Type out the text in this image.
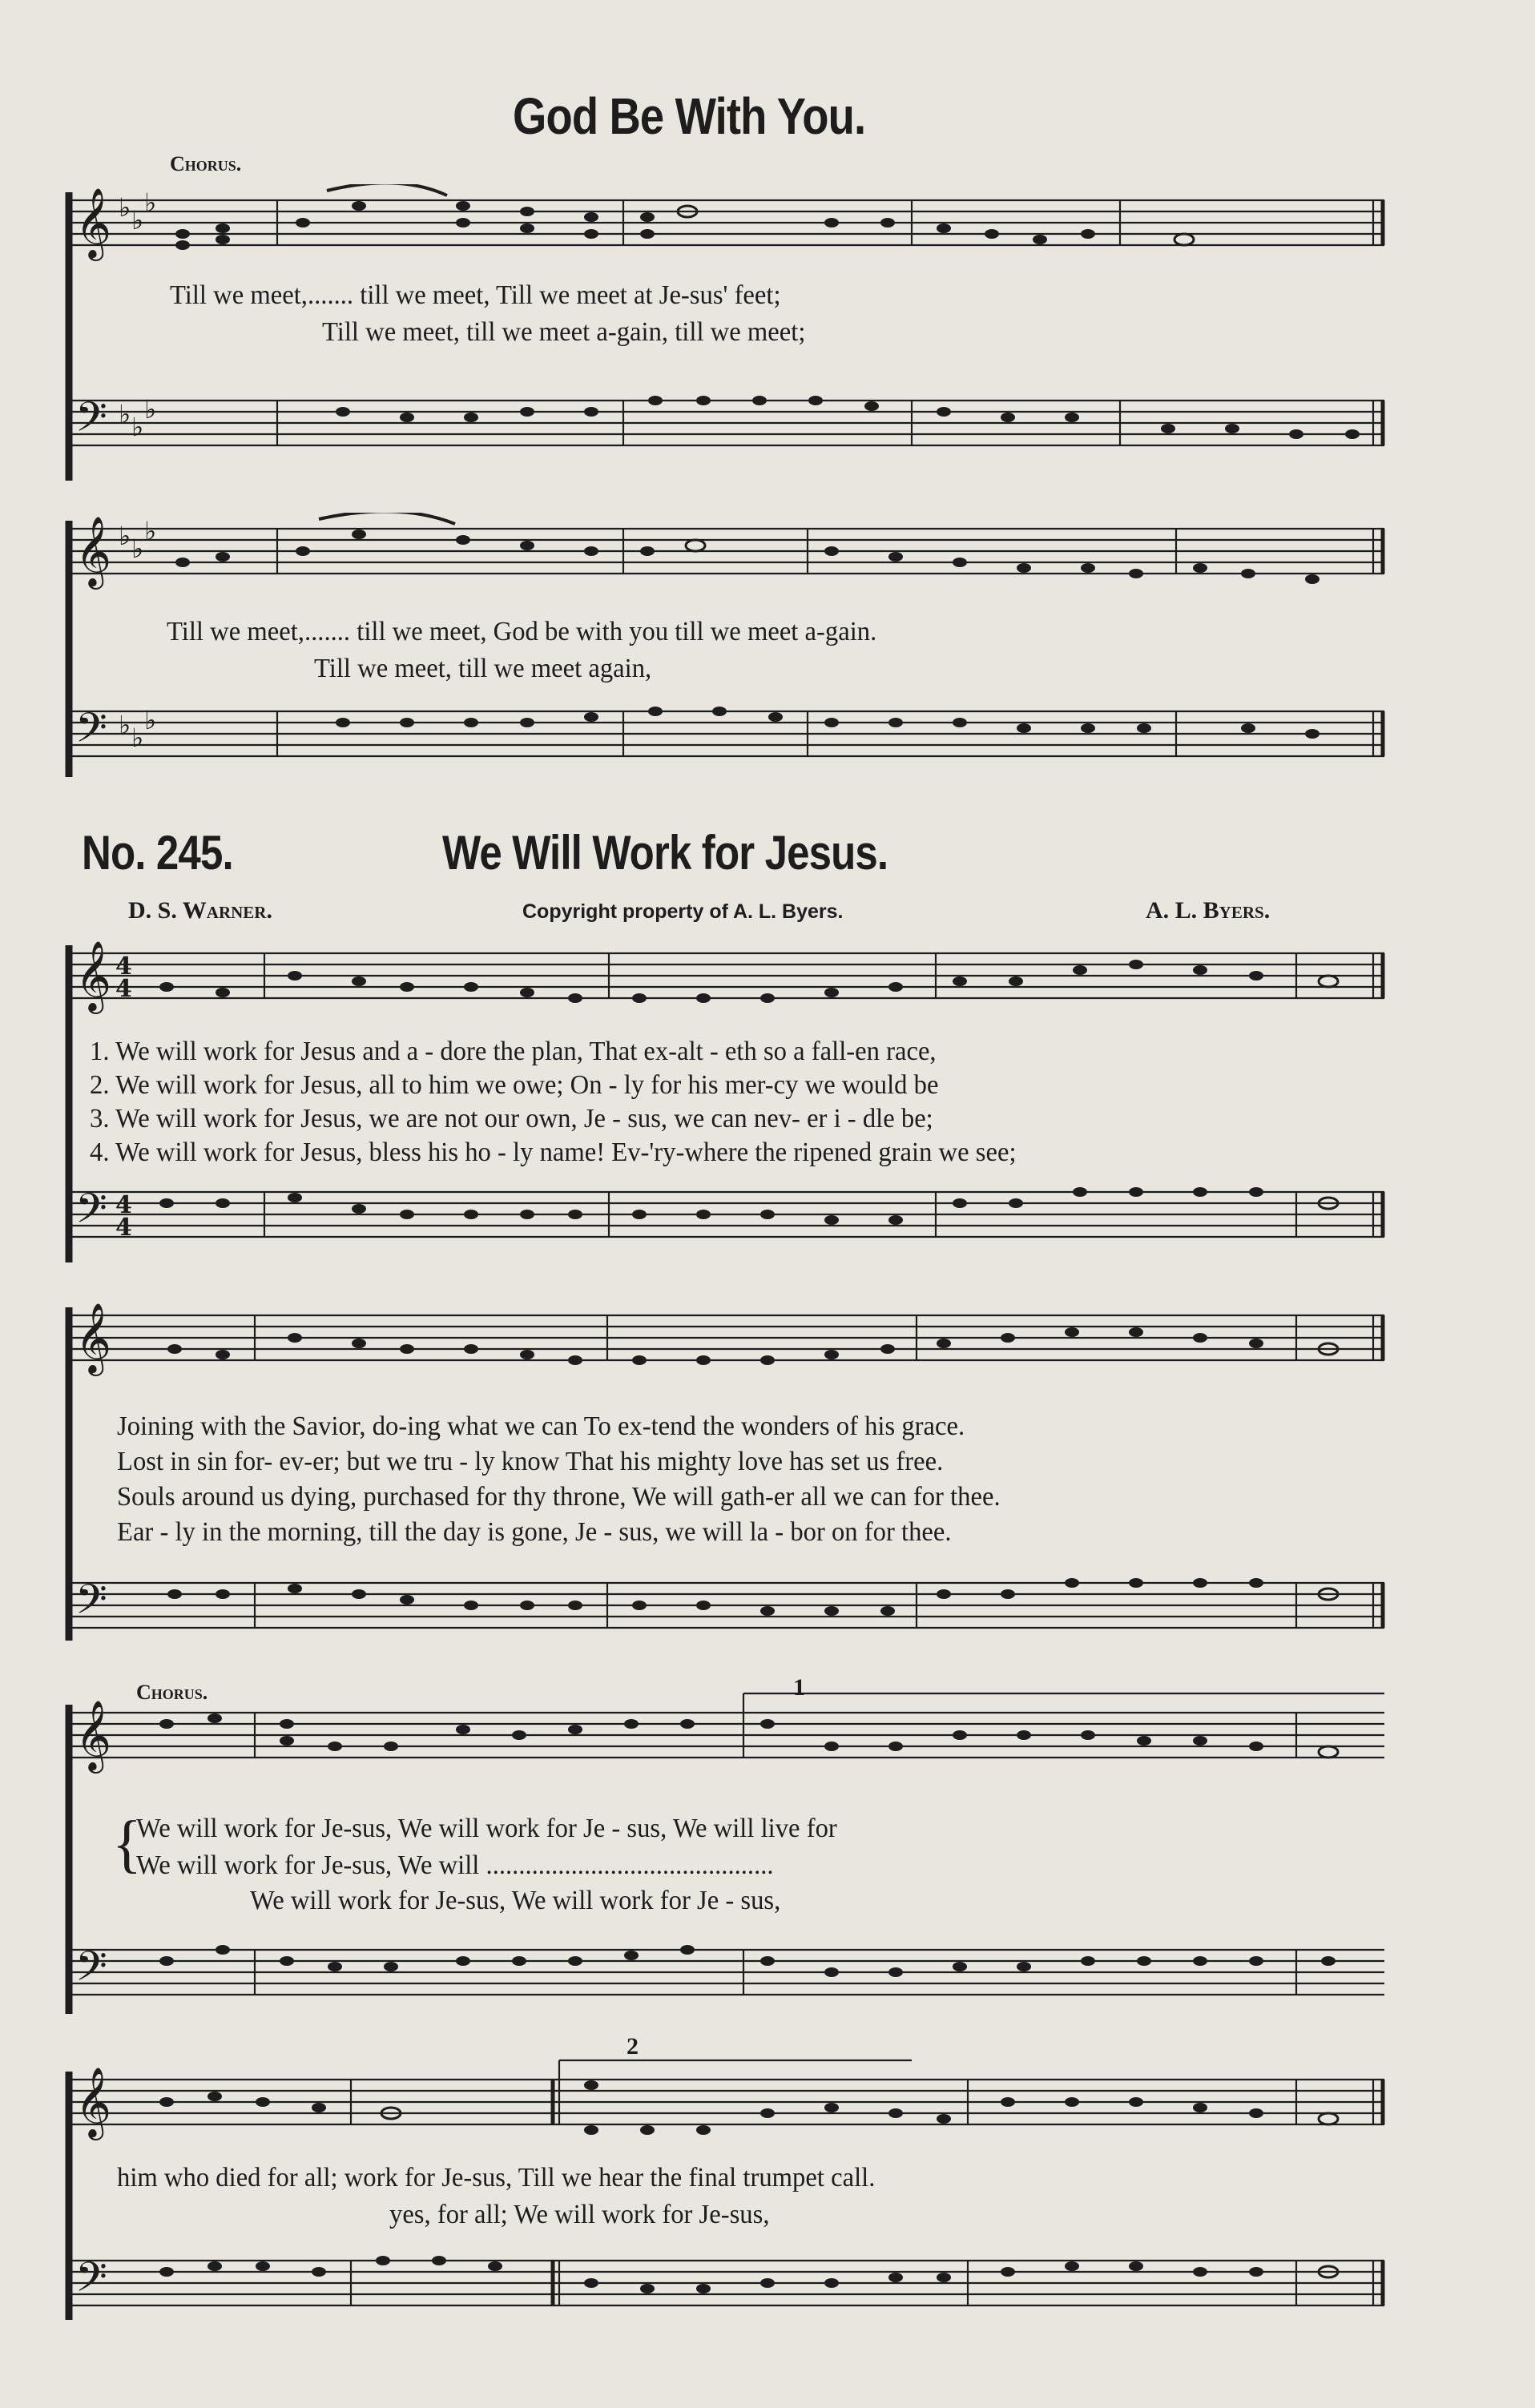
God Be With You.
Chorus.
𝄞
𝄢
♭ ♭
♭
♭ ♭
♭
Till we meet,....... till we meet, Till we meet at Je-sus' feet;
Till we meet, till we meet a-gain, till we meet;
𝄞
𝄢
♭ ♭
♭
♭ ♭
♭
Till we meet,....... till we meet, God be with you till we meet a-gain.
Till we meet, till we meet again,
No. 245.	We Will Work for Jesus.
D. S. Warner.	Copyright property of A. L. Byers.	A. L. Byers.
𝄞
𝄢
4
4
4
4
1. We will work for Jesus and a - dore the plan, That ex-alt - eth so a fall-en race,
2. We will work for Jesus, all to him we owe; On - ly for his mer-cy we would be
3. We will work for Jesus, we are not our own, Je - sus, we can nev- er i - dle be;
4. We will work for Jesus, bless his ho - ly name! Ev-'ry-where the ripened grain we see;
𝄞
𝄢
Joining with the Savior, do-ing what we can To ex-tend the wonders of his grace.
Lost in sin for- ev-er; but we tru - ly know That his mighty love has set us free.
Souls around us dying, purchased for thy throne, We will gath-er all we can for thee.
Ear - ly in the morning, till the day is gone, Je - sus, we will la - bor on for thee.
Chorus.	1
𝄞
𝄢
{
We will work for Je-sus, We will work for Je - sus, We will live for
We will work for Je-sus, We will ............................................
We will work for Je-sus, We will work for Je - sus,
2
𝄞
𝄢
him who died for all; work for Je-sus, Till we hear the final trumpet call.
yes, for all; We will work for Je-sus,
